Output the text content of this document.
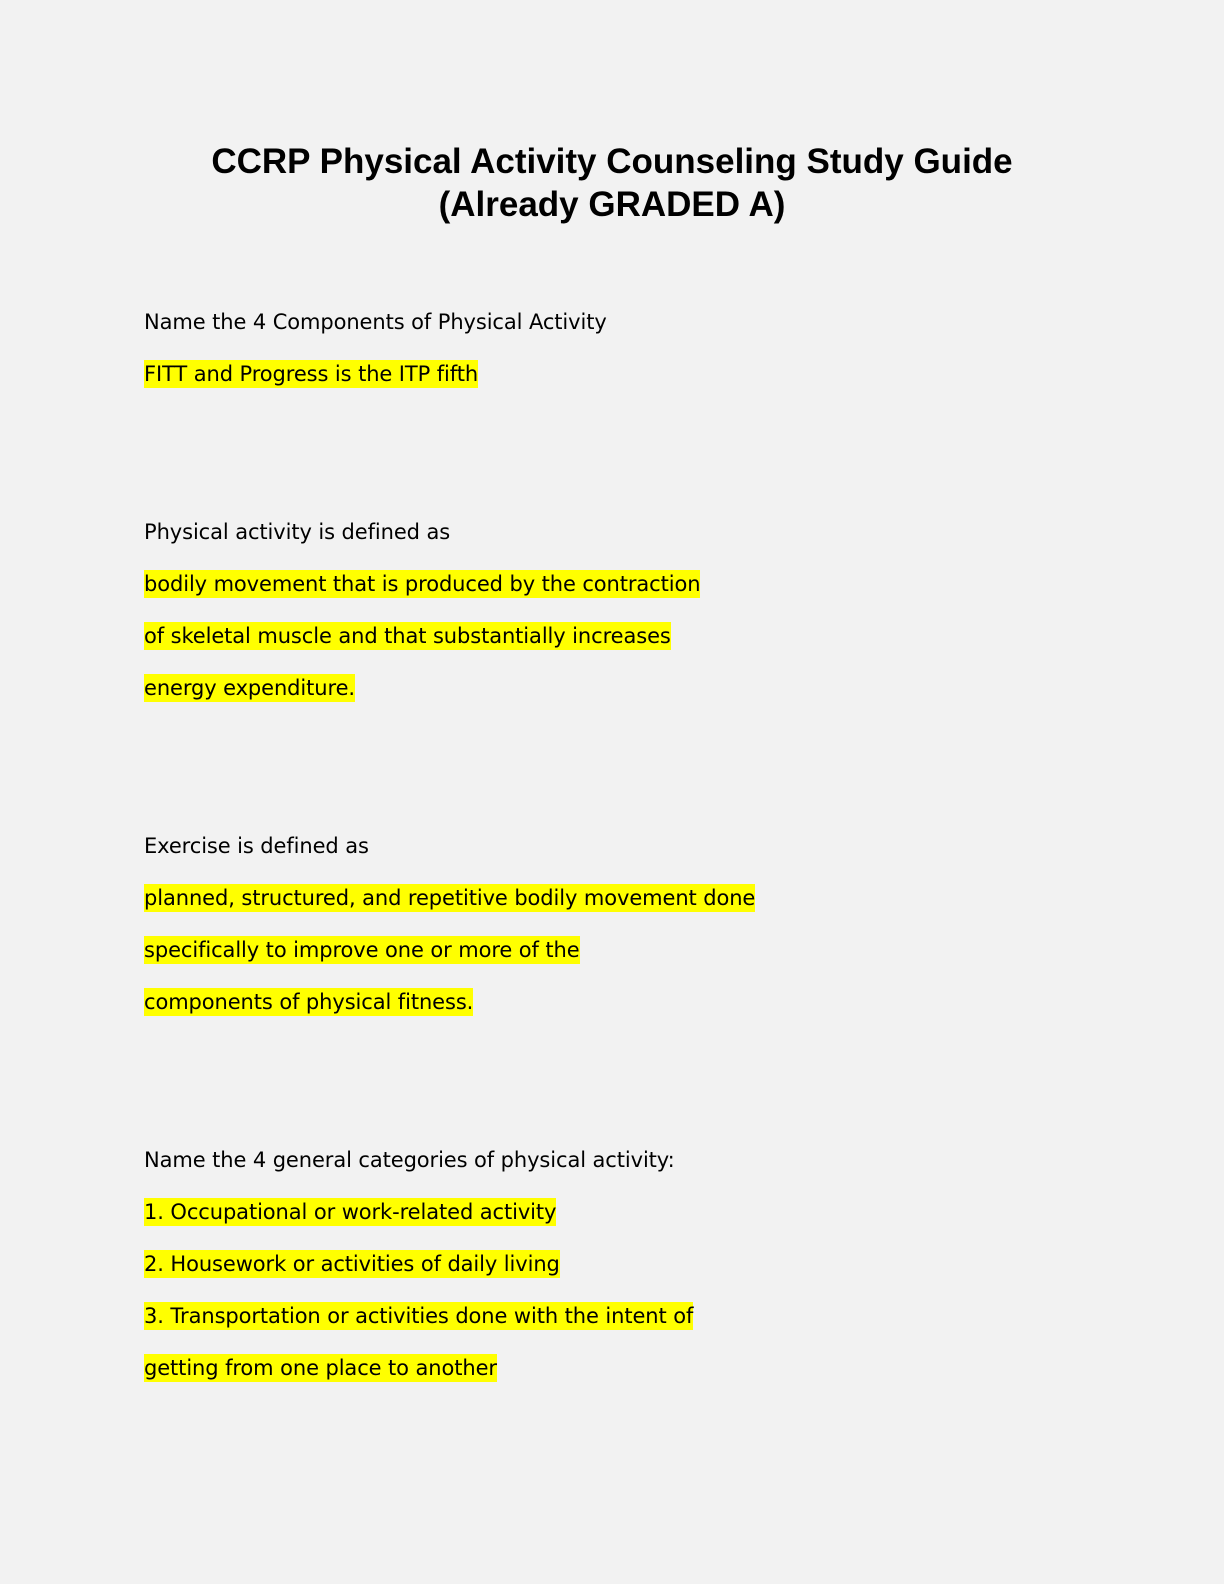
CCRP Physical Activity Counseling Study Guide
(Already GRADED A)
Name the 4 Components of Physical Activity
FITT and Progress is the ITP fifth
Physical activity is defined as
bodily movement that is produced by the contraction
of skeletal muscle and that substantially increases
energy expenditure.
Exercise is defined as
planned, structured, and repetitive bodily movement done
specifically to improve one or more of the
components of physical fitness.
Name the 4 general categories of physical activity:
1. Occupational or work-related activity
2. Housework or activities of daily living
3. Transportation or activities done with the intent of
getting from one place to another
